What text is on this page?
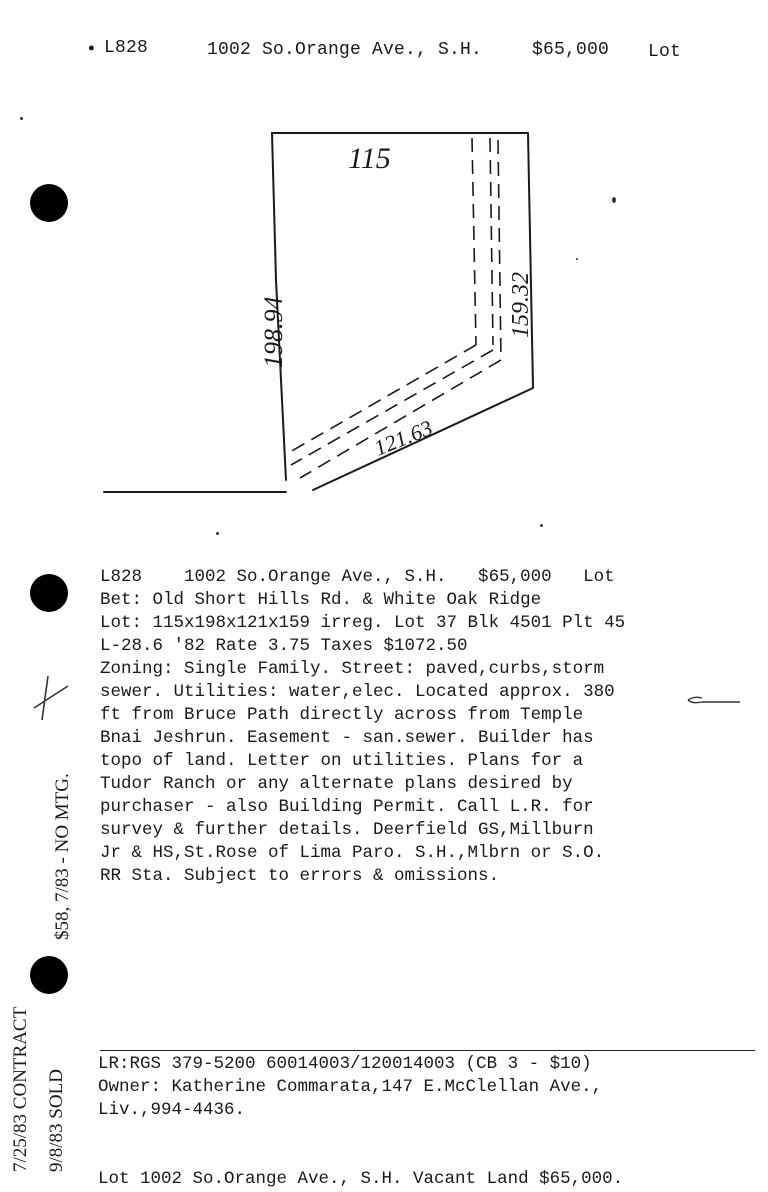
• L828	1002 So.Orange Ave., S.H.	$65,000 Lot
115
198.94	159.32
121.63
L828    1002 So.Orange Ave., S.H.   $65,000   Lot
Bet: Old Short Hills Rd. & White Oak Ridge
Lot: 115x198x121x159 irreg. Lot 37 Blk 4501 Plt 45
L-28.6 '82 Rate 3.75 Taxes $1072.50
Zoning: Single Family. Street: paved,curbs,storm
sewer. Utilities: water,elec. Located approx. 380
ft from Bruce Path directly across from Temple
Bnai Jeshrun. Easement - san.sewer. Builder has
topo of land. Letter on utilities. Plans for a
Tudor Ranch or any alternate plans desired by
purchaser - also Building Permit. Call L.R. for
survey & further details. Deerfield GS,Millburn
Jr & HS,St.Rose of Lima Paro. S.H.,Mlbrn or S.O.
RR Sta. Subject to errors & omissions.
$58, 7/83 - NO MTG.
7/25/83 CONTRACT 9/8/83 SOLD
LR:RGS 379-5200 60014003/120014003 (CB 3 - $10)
Owner: Katherine Commarata,147 E.McClellan Ave.,
Liv.,994-4436.
Lot 1002 So.Orange Ave., S.H. Vacant Land $65,000.
